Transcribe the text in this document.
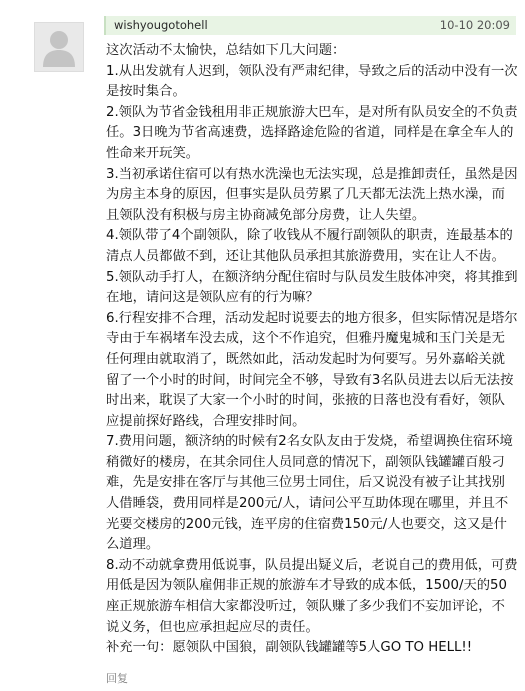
wishyougotohell	10-10 20:09

这次活动不太愉快，总结如下几大问题：

1.从出发就有人迟到，领队没有严肃纪律，导致之后的活动中没有一次是按时集合。

2.领队为节省金钱租用非正规旅游大巴车，是对所有队员安全的不负责任。3日晚为节省高速费，选择路途危险的省道，同样是在拿全车人的性命来开玩笑。

3.当初承诺住宿可以有热水洗澡也无法实现，总是推卸责任，虽然是因为房主本身的原因，但事实是队员劳累了几天都无法洗上热水澡，而且领队没有积极与房主协商减免部分房费，让人失望。

4.领队带了4个副领队，除了收钱从不履行副领队的职责，连最基本的清点人员都做不到，还让其他队员承担其旅游费用，实在让人不齿。

5.领队动手打人，在额济纳分配住宿时与队员发生肢体冲突，将其推到在地，请问这是领队应有的行为嘛？

6.行程安排不合理，活动发起时说要去的地方很多，但实际情况是塔尔寺由于车祸堵车没去成，这个不作追究，但雅丹魔鬼城和玉门关是无任何理由就取消了，既然如此，活动发起时为何要写。另外嘉峪关就留了一个小时的时间，时间完全不够，导致有3名队员进去以后无法按时出来，耽误了大家一个小时的时间，张掖的日落也没有看好，领队应提前探好路线，合理安排时间。

7.费用问题，额济纳的时候有2名女队友由于发烧，希望调换住宿环境稍微好的楼房，在其余同住人员同意的情况下，副领队钱罐罐百般刁难，先是安排在客厅与其他三位男士同住，后又说没有被子让其找别人借睡袋，费用同样是200元/人，请问公平互助体现在哪里，并且不光要交楼房的200元钱，连平房的住宿费150元/人也要交，这又是什么道理。

8.动不动就拿费用低说事，队员提出疑义后，老说自己的费用低，可费用低是因为领队雇佣非正规的旅游车才导致的成本低，1500/天的50座正规旅游车相信大家都没听过，领队赚了多少我们不妄加评论，不说义务，但也应承担起应尽的责任。

补充一句：愿领队中国狼，副领队钱罐罐等5人GO TO HELL!!

回复
